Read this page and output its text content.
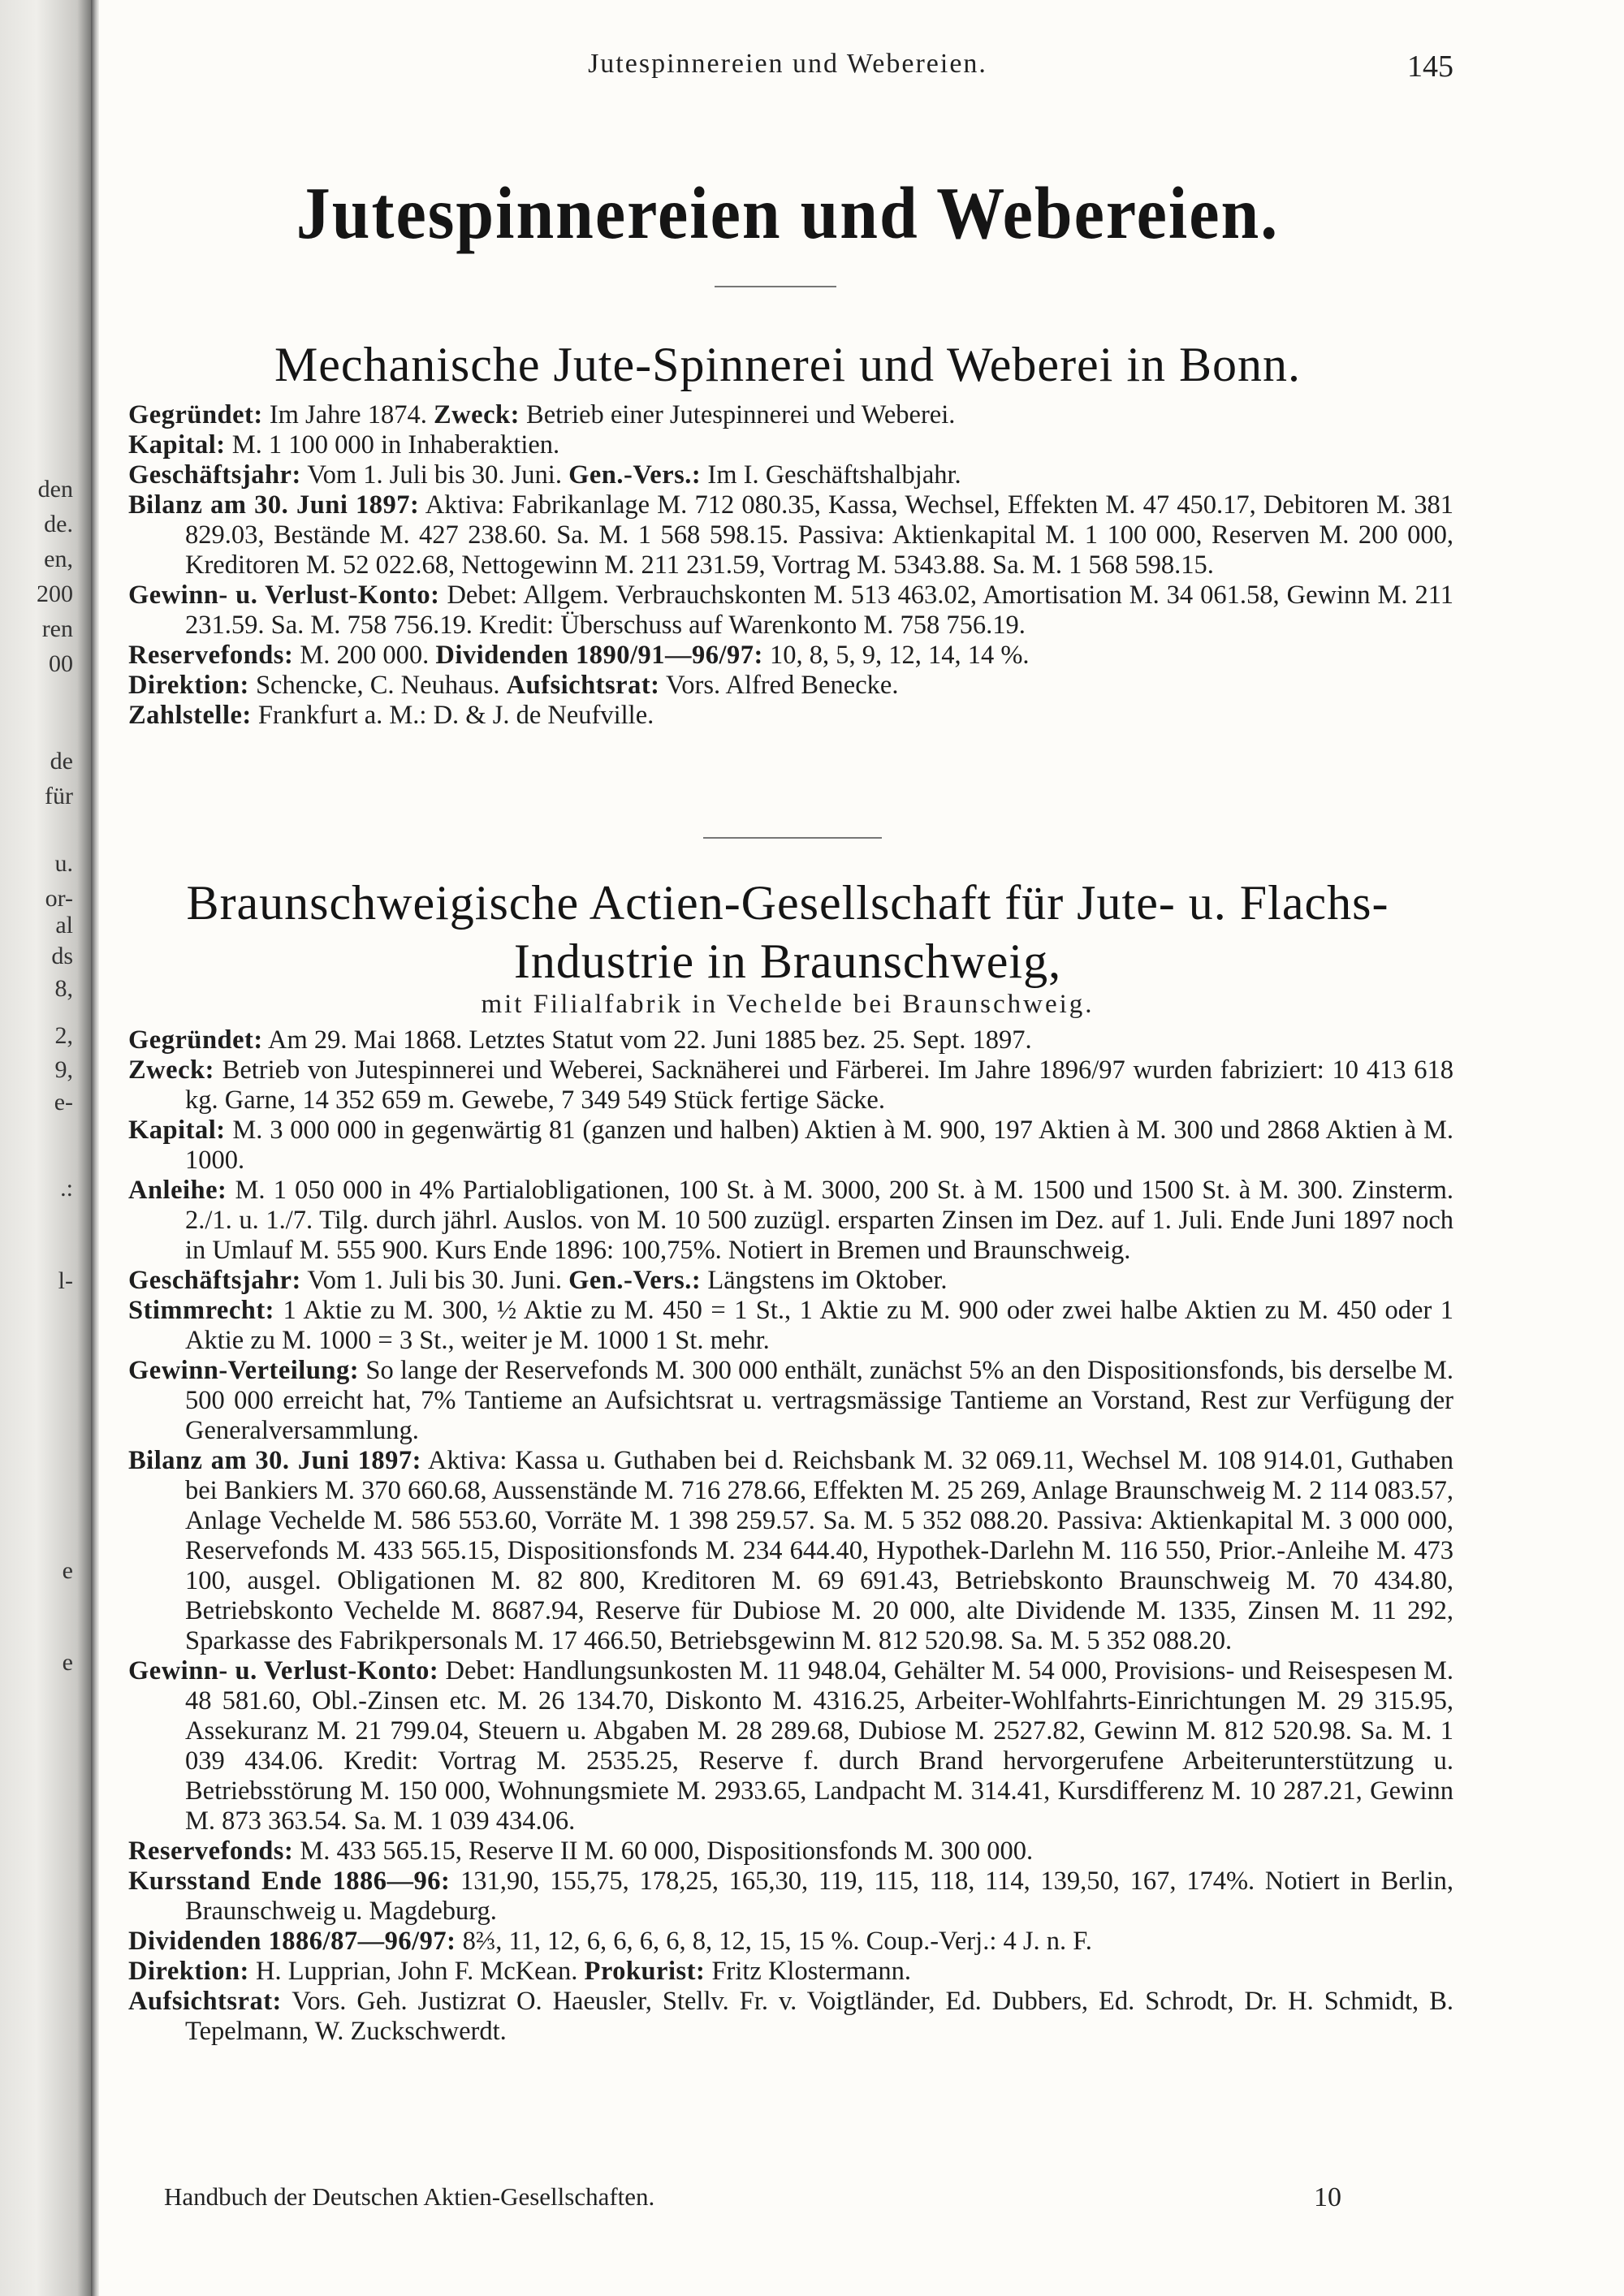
den
de.
en,
200
ren
00
de
für
u.
or-
al
ds
8,
2,
9,
e-
.:
l-
e
e
Jutespinnereien und Webereien.	145
Jutespinnereien und Webereien.
Mechanische Jute-Spinnerei und Weberei in Bonn.

Gegründet: Im Jahre 1874. Zweck: Betrieb einer Jutespinnerei und Weberei.

Kapital: M. 1 100 000 in Inhaberaktien.

Geschäftsjahr: Vom 1. Juli bis 30. Juni. Gen.-Vers.: Im I. Geschäftshalbjahr.

Bilanz am 30. Juni 1897: Aktiva: Fabrikanlage M. 712 080.35, Kassa, Wechsel, Effekten M. 47 450.17, Debitoren M. 381 829.03, Bestände M. 427 238.60. Sa. M. 1 568 598.15. Passiva: Aktienkapital M. 1 100 000, Reserven M. 200 000, Kreditoren M. 52 022.68, Nettogewinn M. 211 231.59, Vortrag M. 5343.88. Sa. M. 1 568 598.15.

Gewinn- u. Verlust-Konto: Debet: Allgem. Verbrauchskonten M. 513 463.02, Amortisation M. 34 061.58, Gewinn M. 211 231.59. Sa. M. 758 756.19. Kredit: Überschuss auf Warenkonto M. 758 756.19.

Reservefonds: M. 200 000. Dividenden 1890/91—96/97: 10, 8, 5, 9, 12, 14, 14 %.

Direktion: Schencke, C. Neuhaus. Aufsichtsrat: Vors. Alfred Benecke.

Zahlstelle: Frankfurt a. M.: D. & J. de Neufville.

Braunschweigische Actien-Gesellschaft für Jute- u. Flachs-
Industrie in Braunschweig,
mit Filialfabrik in Vechelde bei Braunschweig.

Gegründet: Am 29. Mai 1868. Letztes Statut vom 22. Juni 1885 bez. 25. Sept. 1897.

Zweck: Betrieb von Jutespinnerei und Weberei, Sacknäherei und Färberei. Im Jahre 1896/97 wurden fabriziert: 10 413 618 kg. Garne, 14 352 659 m. Gewebe, 7 349 549 Stück fertige Säcke.

Kapital: M. 3 000 000 in gegenwärtig 81 (ganzen und halben) Aktien à M. 900, 197 Aktien à M. 300 und 2868 Aktien à M. 1000.

Anleihe: M. 1 050 000 in 4% Partialobligationen, 100 St. à M. 3000, 200 St. à M. 1500 und 1500 St. à M. 300. Zinsterm. 2./1. u. 1./7. Tilg. durch jährl. Auslos. von M. 10 500 zuzügl. ersparten Zinsen im Dez. auf 1. Juli. Ende Juni 1897 noch in Umlauf M. 555 900. Kurs Ende 1896: 100,75%. Notiert in Bremen und Braunschweig.

Geschäftsjahr: Vom 1. Juli bis 30. Juni. Gen.-Vers.: Längstens im Oktober.

Stimmrecht: 1 Aktie zu M. 300, ½ Aktie zu M. 450 = 1 St., 1 Aktie zu M. 900 oder zwei halbe Aktien zu M. 450 oder 1 Aktie zu M. 1000 = 3 St., weiter je M. 1000 1 St. mehr.

Gewinn-Verteilung: So lange der Reservefonds M. 300 000 enthält, zunächst 5% an den Dispositionsfonds, bis derselbe M. 500 000 erreicht hat, 7% Tantieme an Aufsichtsrat u. vertragsmässige Tantieme an Vorstand, Rest zur Verfügung der Generalversammlung.

Bilanz am 30. Juni 1897: Aktiva: Kassa u. Guthaben bei d. Reichsbank M. 32 069.11, Wechsel M. 108 914.01, Guthaben bei Bankiers M. 370 660.68, Aussenstände M. 716 278.66, Effekten M. 25 269, Anlage Braunschweig M. 2 114 083.57, Anlage Vechelde M. 586 553.60, Vorräte M. 1 398 259.57. Sa. M. 5 352 088.20. Passiva: Aktienkapital M. 3 000 000, Reservefonds M. 433 565.15, Dispositionsfonds M. 234 644.40, Hypothek-Darlehn M. 116 550, Prior.-Anleihe M. 473 100, ausgel. Obligationen M. 82 800, Kreditoren M. 69 691.43, Betriebskonto Braunschweig M. 70 434.80, Betriebskonto Vechelde M. 8687.94, Reserve für Dubiose M. 20 000, alte Dividende M. 1335, Zinsen M. 11 292, Sparkasse des Fabrikpersonals M. 17 466.50, Betriebsgewinn M. 812 520.98. Sa. M. 5 352 088.20.

Gewinn- u. Verlust-Konto: Debet: Handlungsunkosten M. 11 948.04, Gehälter M. 54 000, Provisions- und Reisespesen M. 48 581.60, Obl.-Zinsen etc. M. 26 134.70, Diskonto M. 4316.25, Arbeiter-Wohlfahrts-Einrichtungen M. 29 315.95, Assekuranz M. 21 799.04, Steuern u. Abgaben M. 28 289.68, Dubiose M. 2527.82, Gewinn M. 812 520.98. Sa. M. 1 039 434.06. Kredit: Vortrag M. 2535.25, Reserve f. durch Brand hervorgerufene Arbeiterunterstützung u. Betriebsstörung M. 150 000, Wohnungsmiete M. 2933.65, Landpacht M. 314.41, Kursdifferenz M. 10 287.21, Gewinn M. 873 363.54. Sa. M. 1 039 434.06.

Reservefonds: M. 433 565.15, Reserve II M. 60 000, Dispositionsfonds M. 300 000.

Kursstand Ende 1886—96: 131,90, 155,75, 178,25, 165,30, 119, 115, 118, 114, 139,50, 167, 174%. Notiert in Berlin, Braunschweig u. Magdeburg.

Dividenden 1886/87—96/97: 8⅔, 11, 12, 6, 6, 6, 6, 8, 12, 15, 15 %. Coup.-Verj.: 4 J. n. F.

Direktion: H. Lupprian, John F. McKean. Prokurist: Fritz Klostermann.

Aufsichtsrat: Vors. Geh. Justizrat O. Haeusler, Stellv. Fr. v. Voigtländer, Ed. Dubbers, Ed. Schrodt, Dr. H. Schmidt, B. Tepelmann, W. Zuckschwerdt.

Handbuch der Deutschen Aktien-Gesellschaften.	10
